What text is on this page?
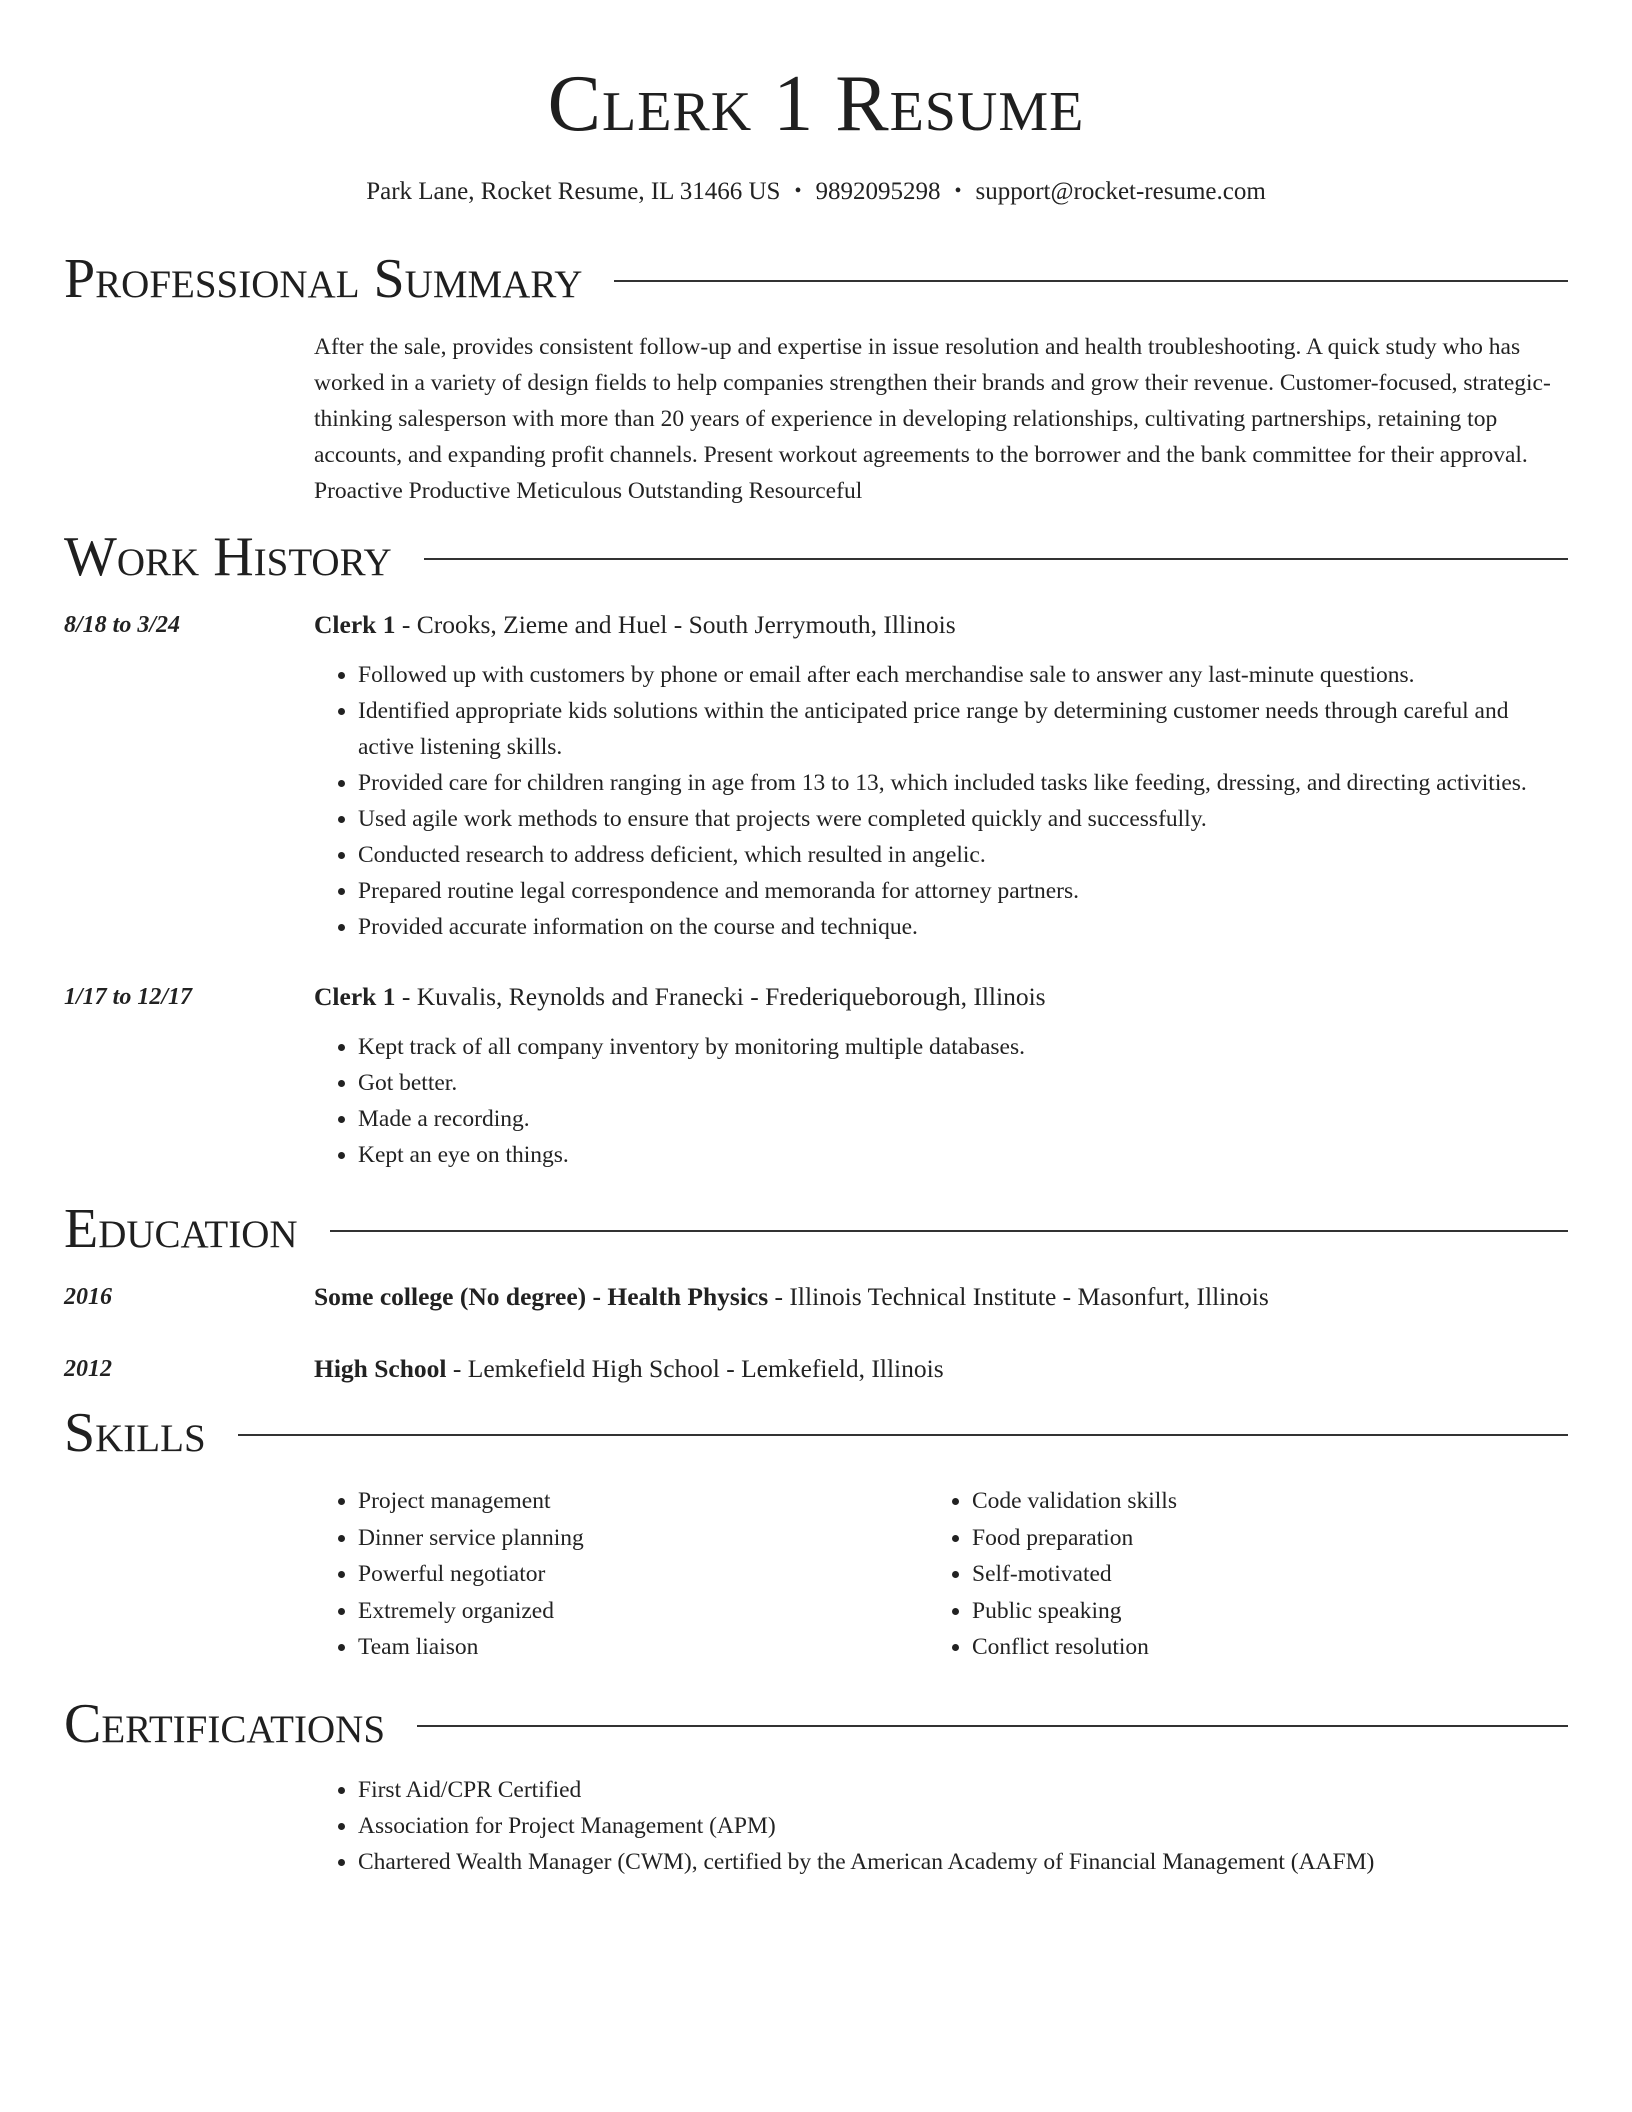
Clerk 1 Resume
Park Lane, Rocket Resume, IL 31466 US • 9892095298 • support@rocket-resume.com
Professional Summary
After the sale, provides consistent follow-up and expertise in issue resolution and health troubleshooting. A quick study who has worked in a variety of design fields to help companies strengthen their brands and grow their revenue. Customer-focused, strategic-thinking salesperson with more than 20 years of experience in developing relationships, cultivating partnerships, retaining top accounts, and expanding profit channels. Present workout agreements to the borrower and the bank committee for their approval. Proactive Productive Meticulous Outstanding Resourceful
Work History
8/18 to 3/24	Clerk 1 - Crooks, Zieme and Huel - South Jerrymouth, Illinois
• Followed up with customers by phone or email after each merchandise sale to answer any last-minute questions.
• Identified appropriate kids solutions within the anticipated price range by determining customer needs through careful and active listening skills.
• Provided care for children ranging in age from 13 to 13, which included tasks like feeding, dressing, and directing activities.
• Used agile work methods to ensure that projects were completed quickly and successfully.
• Conducted research to address deficient, which resulted in angelic.
• Prepared routine legal correspondence and memoranda for attorney partners.
• Provided accurate information on the course and technique.
1/17 to 12/17	Clerk 1 - Kuvalis, Reynolds and Franecki - Frederiqueborough, Illinois
• Kept track of all company inventory by monitoring multiple databases.
• Got better.
• Made a recording.
• Kept an eye on things.
Education
2016	Some college (No degree) - Health Physics - Illinois Technical Institute - Masonfurt, Illinois
2012	High School - Lemkefield High School - Lemkefield, Illinois
Skills
• Project management
• Dinner service planning
• Powerful negotiator
• Extremely organized
• Team liaison
• Code validation skills
• Food preparation
• Self-motivated
• Public speaking
• Conflict resolution
Certifications
• First Aid/CPR Certified
• Association for Project Management (APM)
• Chartered Wealth Manager (CWM), certified by the American Academy of Financial Management (AAFM)
